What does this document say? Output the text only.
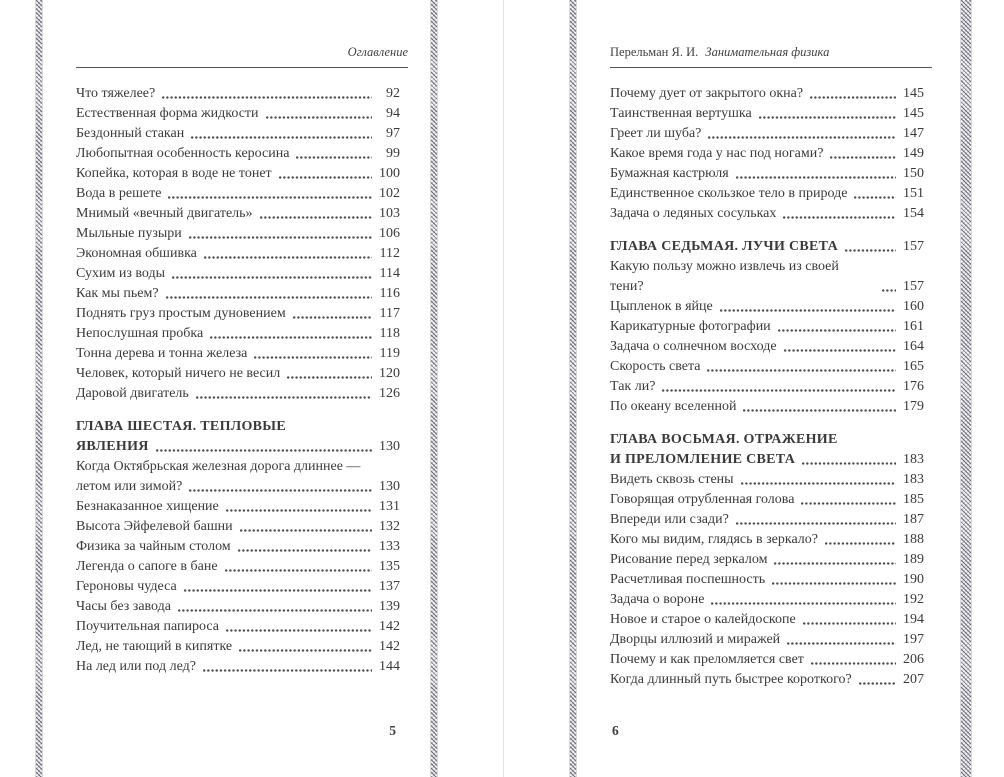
Оглавление
Что тяжелее?	92
Естественная форма жидкости	94
Бездонный стакан	97
Любопытная особенность керосина	99
Копейка, которая в воде не тонет	100
Вода в решете	102
Мнимый «вечный двигатель»	103
Мыльные пузыри	106
Экономная обшивка	112
Сухим из воды	114
Как мы пьем?	116
Поднять груз простым дуновением	117
Непослушная пробка	118
Тонна дерева и тонна железа	119
Человек, который ничего не весил	120
Даровой двигатель	126
ГЛАВА ШЕСТАЯ. ТЕПЛОВЫЕ
ЯВЛЕНИЯ	130
Когда Октябрьская железная дорога длиннее —
летом или зимой?	130
Безнаказанное хищение	131
Высота Эйфелевой башни	132
Физика за чайным столом	133
Легенда о сапоге в бане	135
Героновы чудеса	137
Часы без завода	139
Поучительная папироса	142
Лед, не тающий в кипятке	142
На лед или под лед?	144
5
Перельман Я. И. Занимательная физика
Почему дует от закрытого окна?	145
Таинственная вертушка	145
Греет ли шуба?	147
Какое время года у нас под ногами?	149
Бумажная кастрюля	150
Единственное скользкое тело в природе	151
Задача о ледяных сосульках	154
ГЛАВА СЕДЬМАЯ. ЛУЧИ СВЕТА	157
Какую пользу можно извлечь из своей тени?	157
Цыпленок в яйце	160
Карикатурные фотографии	161
Задача о солнечном восходе	164
Скорость света	165
Так ли?	176
По океану вселенной	179
ГЛАВА ВОСЬМАЯ. ОТРАЖЕНИЕ
И ПРЕЛОМЛЕНИЕ СВЕТА	183
Видеть сквозь стены	183
Говорящая отрубленная голова	185
Впереди или сзади?	187
Кого мы видим, глядясь в зеркало?	188
Рисование перед зеркалом	189
Расчетливая поспешность	190
Задача о вороне	192
Новое и старое о калейдоскопе	194
Дворцы иллюзий и миражей	197
Почему и как преломляется свет	206
Когда длинный путь быстрее короткого?	207
6
